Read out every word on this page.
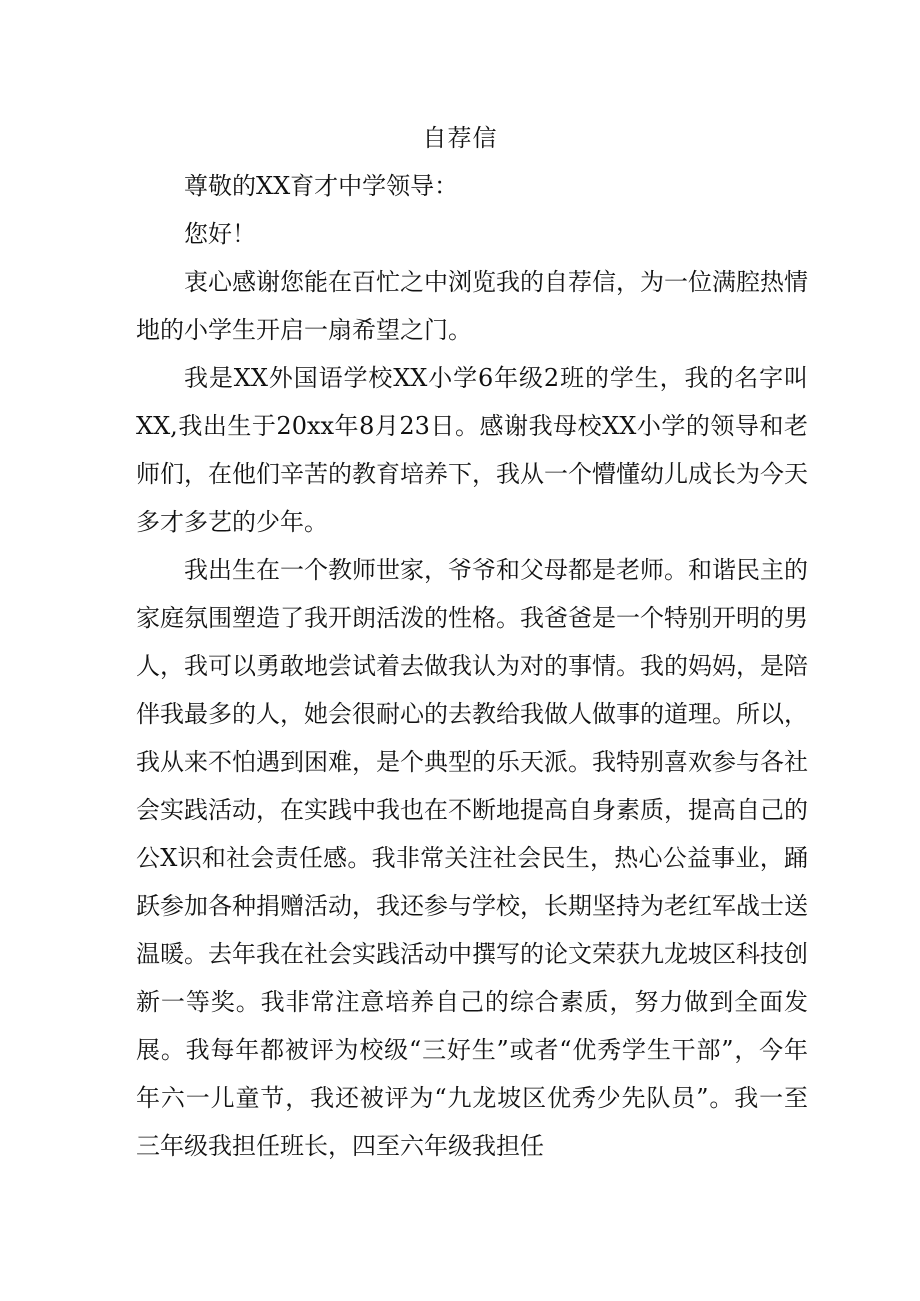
自荐信

尊敬的XX育才中学领导：

您好！

衷心感谢您能在百忙之中浏览我的自荐信，为一位满腔热情地的小学生开启一扇希望之门。

我是XX外国语学校XX小学6年级2班的学生，我的名字叫XX,我出生于20xx年8月23日。感谢我母校XX小学的领导和老师们，在他们辛苦的教育培养下，我从一个懵懂幼儿成长为今天多才多艺的少年。

我出生在一个教师世家，爷爷和父母都是老师。和谐民主的家庭氛围塑造了我开朗活泼的性格。我爸爸是一个特别开明的男人，我可以勇敢地尝试着去做我认为对的事情。我的妈妈，是陪伴我最多的人，她会很耐心的去教给我做人做事的道理。所以，我从来不怕遇到困难，是个典型的乐天派。我特别喜欢参与各社会实践活动，在实践中我也在不断地提高自身素质，提高自己的公X识和社会责任感。我非常关注社会民生，热心公益事业，踊跃参加各种捐赠活动，我还参与学校，长期坚持为老红军战士送温暖。去年我在社会实践活动中撰写的论文荣获九龙坡区科技创新一等奖。我非常注意培养自己的综合素质，努力做到全面发展。我每年都被评为校级“三好生”或者“优秀学生干部”，今年年六一儿童节，我还被评为“九龙坡区优秀少先队员”。我一至三年级我担任班长，四至六年级我担任
